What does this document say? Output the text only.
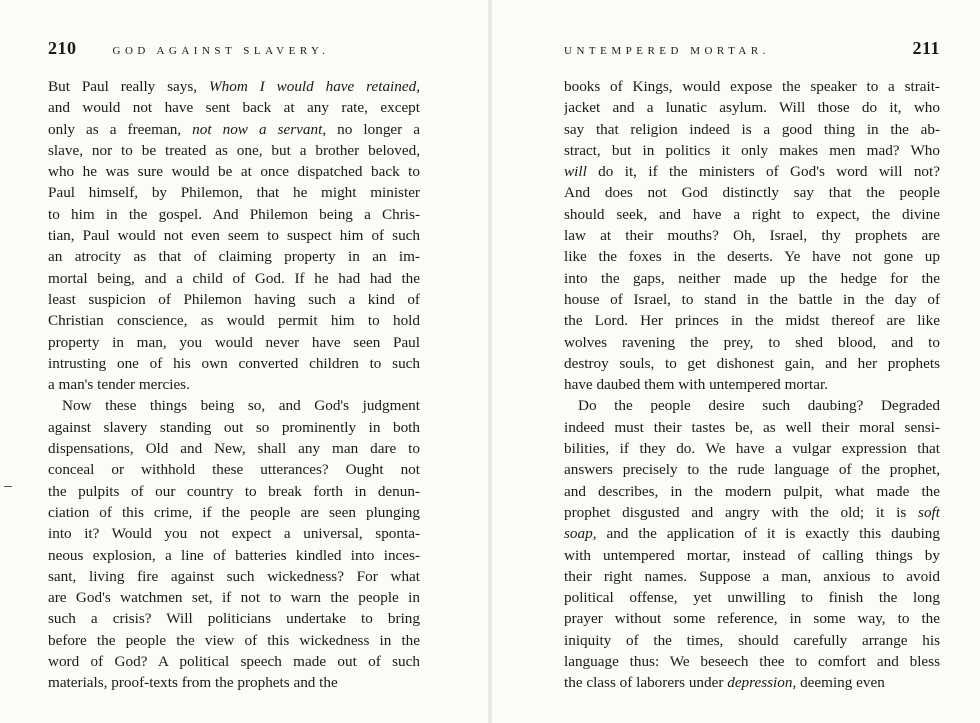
210	GOD AGAINST SLAVERY.
But Paul really says, Whom I would have retained,
and would not have sent back at any rate, except
only as a freeman, not now a servant, no longer a
slave, nor to be treated as one, but a brother beloved,
who he was sure would be at once dispatched back to
Paul himself, by Philemon, that he might minister
to him in the gospel. And Philemon being a Chris-
tian, Paul would not even seem to suspect him of such
an atrocity as that of claiming property in an im-
mortal being, and a child of God. If he had had the
least suspicion of Philemon having such a kind of
Christian conscience, as would permit him to hold
property in man, you would never have seen Paul
intrusting one of his own converted children to such
a man's tender mercies.
Now these things being so, and God's judgment
against slavery standing out so prominently in both
dispensations, Old and New, shall any man dare to
conceal or withhold these utterances? Ought not
the pulpits of our country to break forth in denun-
ciation of this crime, if the people are seen plunging
into it? Would you not expect a universal, sponta-
neous explosion, a line of batteries kindled into inces-
sant, living fire against such wickedness? For what
are God's watchmen set, if not to warn the people in
such a crisis? Will politicians undertake to bring
before the people the view of this wickedness in the
word of God? A political speech made out of such
materials, proof-texts from the prophets and the
UNTEMPERED MORTAR.	211
books of Kings, would expose the speaker to a strait-
jacket and a lunatic asylum. Will those do it, who
say that religion indeed is a good thing in the ab-
stract, but in politics it only makes men mad? Who
will do it, if the ministers of God's word will not?
And does not God distinctly say that the people
should seek, and have a right to expect, the divine
law at their mouths? Oh, Israel, thy prophets are
like the foxes in the deserts. Ye have not gone up
into the gaps, neither made up the hedge for the
house of Israel, to stand in the battle in the day of
the Lord. Her princes in the midst thereof are like
wolves ravening the prey, to shed blood, and to
destroy souls, to get dishonest gain, and her prophets
have daubed them with untempered mortar.
Do the people desire such daubing? Degraded
indeed must their tastes be, as well their moral sensi-
bilities, if they do. We have a vulgar expression that
answers precisely to the rude language of the prophet,
and describes, in the modern pulpit, what made the
prophet disgusted and angry with the old; it is soft
soap, and the application of it is exactly this daubing
with untempered mortar, instead of calling things by
their right names. Suppose a man, anxious to avoid
political offense, yet unwilling to finish the long
prayer without some reference, in some way, to the
iniquity of the times, should carefully arrange his
language thus: We beseech thee to comfort and bless
the class of laborers under depression, deeming even
